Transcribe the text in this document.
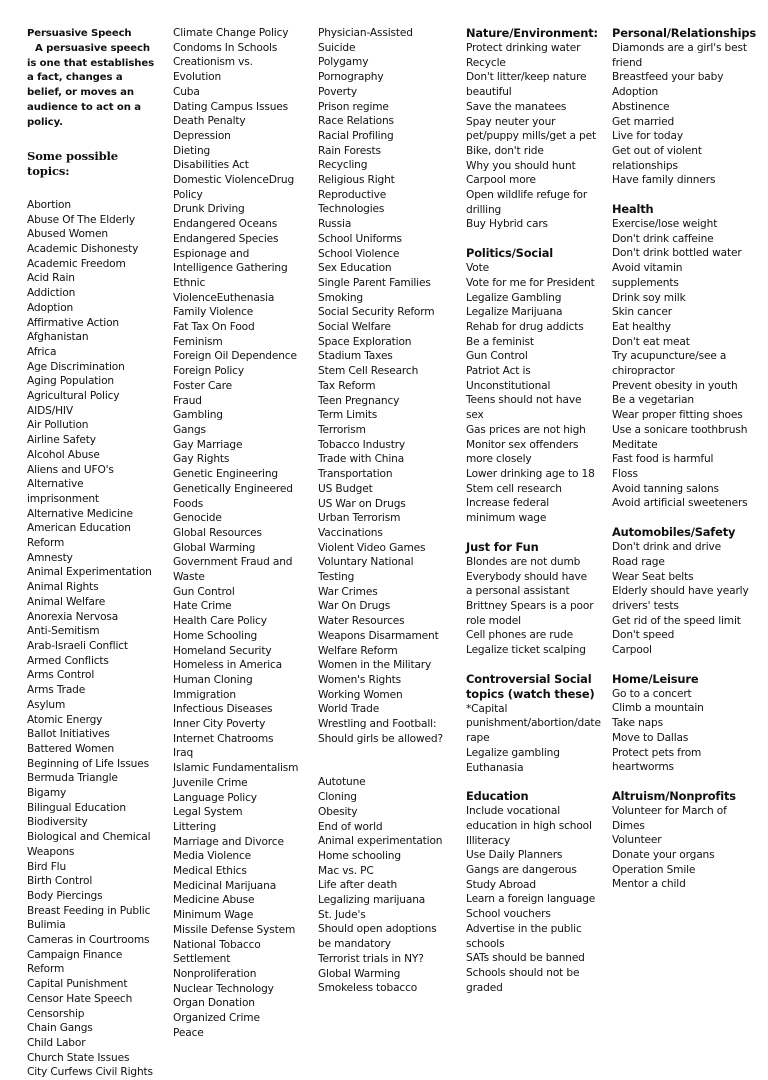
Persuasive Speech
A persuasive speech is one that establishes a fact, changes a belief, or moves an audience to act on a policy.
Some possible topics:
Abortion
Abuse Of The Elderly
Abused Women
Academic Dishonesty
Academic Freedom
Acid Rain
Addiction
Adoption
Affirmative Action
Afghanistan
Africa
Age Discrimination
Aging Population
Agricultural Policy
AIDS/HIV
Air Pollution
Airline Safety
Alcohol Abuse
Aliens and UFO's
Alternative imprisonment
Alternative Medicine
American Education Reform
Amnesty
Animal Experimentation
Animal Rights
Animal Welfare
Anorexia Nervosa
Anti-Semitism
Arab-Israeli Conflict
Armed Conflicts
Arms Control
Arms Trade
Asylum
Atomic Energy
Ballot Initiatives
Battered Women
Beginning of Life Issues
Bermuda Triangle
Bigamy
Bilingual Education
Biodiversity
Biological and Chemical Weapons
Bird Flu
Birth Control
Body Piercings
Breast Feeding in Public
Bulimia
Cameras in Courtrooms
Campaign Finance Reform
Capital Punishment
Censor Hate Speech
Censorship
Chain Gangs
Child Labor
Church State Issues
City Curfews Civil Rights
Climate Change Policy
Condoms In Schools
Creationism vs. Evolution
Cuba
Dating Campus Issues
Death Penalty
Depression
Dieting
Disabilities Act
Domestic ViolenceDrug Policy
Drunk Driving
Endangered Oceans
Endangered Species
Espionage and Intelligence Gathering
Ethnic ViolenceEuthenasia
Family Violence
Fat Tax On Food
Feminism
Foreign Oil Dependence
Foreign Policy
Foster Care
Fraud
Gambling
Gangs
Gay Marriage
Gay Rights
Genetic Engineering
Genetically Engineered Foods
Genocide
Global Resources
Global Warming
Government Fraud and Waste
Gun Control
Hate Crime
Health Care Policy
Home Schooling
Homeland Security
Homeless in America
Human Cloning
Immigration
Infectious Diseases
Inner City Poverty
Internet Chatrooms
Iraq
Islamic Fundamentalism
Juvenile Crime
Language Policy
Legal System
Littering
Marriage and Divorce
Media Violence
Medical Ethics
Medicinal Marijuana
Medicine Abuse
Minimum Wage
Missile Defense System
National Tobacco Settlement
Nonproliferation
Nuclear Technology
Organ Donation
Organized Crime
Peace
Physician-Assisted Suicide
Polygamy
Pornography
Poverty
Prison regime
Race Relations
Racial Profiling
Rain Forests
Recycling
Religious Right
Reproductive Technologies
Russia
School Uniforms
School Violence
Sex Education
Single Parent Families
Smoking
Social Security Reform
Social Welfare
Space Exploration
Stadium Taxes
Stem Cell Research
Tax Reform
Teen Pregnancy
Term Limits
Terrorism
Tobacco Industry
Trade with China
Transportation
US Budget
US War on Drugs
Urban Terrorism
Vaccinations
Violent Video Games
Voluntary National Testing
War Crimes
War On Drugs
Water Resources
Weapons Disarmament
Welfare Reform
Women in the Military
Women's Rights
Working Women
World Trade
Wrestling and Football: Should girls be allowed?
Autotune
Cloning
Obesity
End of world
Animal experimentation
Home schooling
Mac vs. PC
Life after death
Legalizing marijuana
St. Jude's
Should open adoptions be mandatory
Terrorist trials in NY?
Global Warming
Smokeless tobacco
Nature/Environment:
Protect drinking water
Recycle
Don't litter/keep nature beautiful
Save the manatees
Spay neuter your pet/puppy mills/get a pet
Bike, don't ride
Why you should hunt
Carpool more
Open wildlife refuge for drilling
Buy Hybrid cars
Politics/Social
Vote
Vote for me for President
Legalize Gambling
Legalize Marijuana
Rehab for drug addicts
Be a feminist
Gun Control
Patriot Act is Unconstitutional
Teens should not have sex
Gas prices are not high
Monitor sex offenders more closely
Lower drinking age to 18
Stem cell research
Increase federal minimum wage
Just for Fun
Blondes are not dumb
Everybody should have a personal assistant
Brittney Spears is a poor role model
Cell phones are rude
Legalize ticket scalping
Controversial Social topics (watch these)
*Capital punishment/abortion/date rape
Legalize gambling
Euthanasia
Education
Include vocational education in high school
Illiteracy
Use Daily Planners
Gangs are dangerous
Study Abroad
Learn a foreign language
School vouchers
Advertise in the public schools
SATs should be banned
Schools should not be graded
Personal/Relationships
Diamonds are a girl's best friend
Breastfeed your baby
Adoption
Abstinence
Get married
Live for today
Get out of violent relationships
Have family dinners
Health
Exercise/lose weight
Don't drink caffeine
Don't drink bottled water
Avoid vitamin supplements
Drink soy milk
Skin cancer
Eat healthy
Don't eat meat
Try acupuncture/see a chiropractor
Prevent obesity in youth
Be a vegetarian
Wear proper fitting shoes
Use a sonicare toothbrush
Meditate
Fast food is harmful
Floss
Avoid tanning salons
Avoid artificial sweeteners
Automobiles/Safety
Don't drink and drive
Road rage
Wear Seat belts
Elderly should have yearly drivers' tests
Get rid of the speed limit
Don't speed
Carpool
Home/Leisure
Go to a concert
Climb a mountain
Take naps
Move to Dallas
Protect pets from heartworms
Altruism/Nonprofits
Volunteer for March of Dimes
Volunteer
Donate your organs
Operation Smile
Mentor a child
